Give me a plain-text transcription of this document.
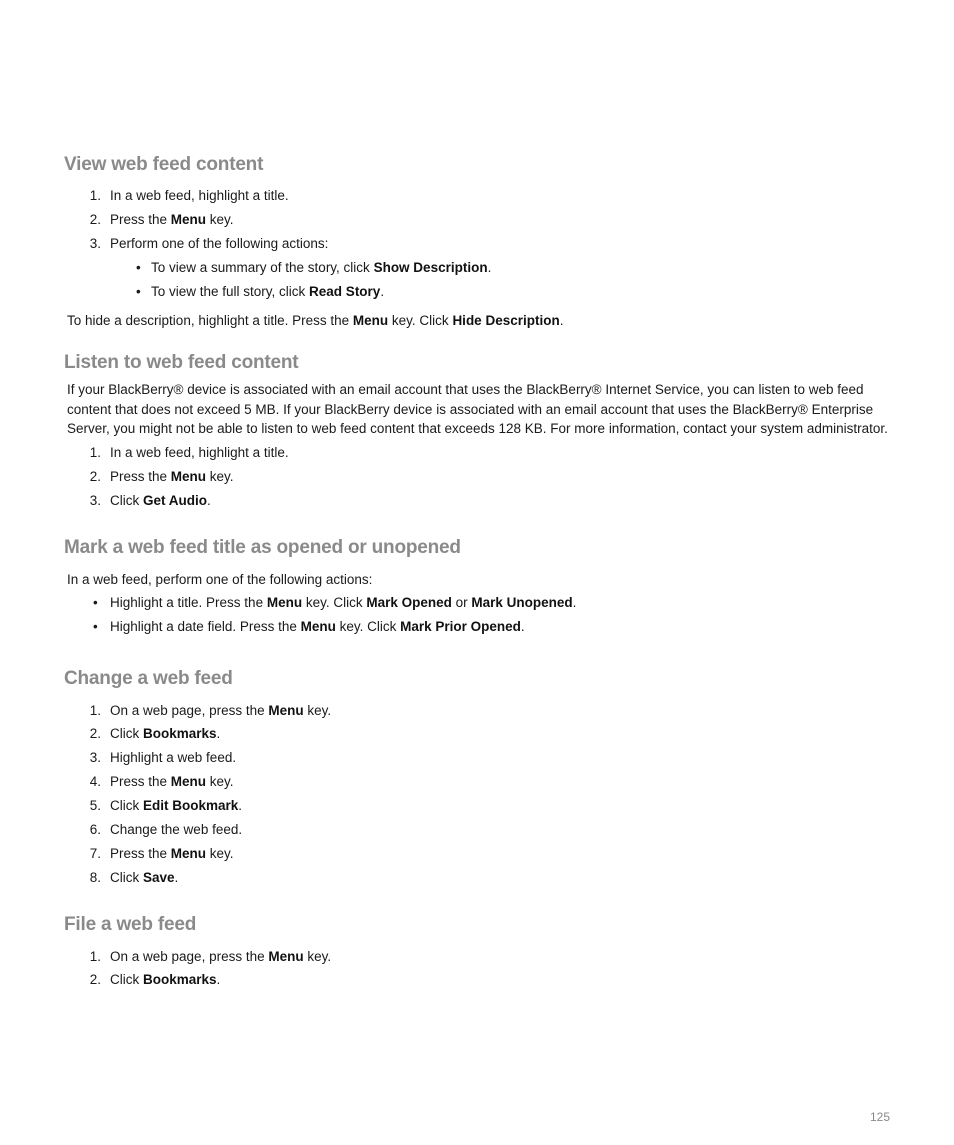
View web feed content
1. In a web feed, highlight a title.
2. Press the Menu key.
3. Perform one of the following actions:
• To view a summary of the story, click Show Description.
• To view the full story, click Read Story.
To hide a description, highlight a title. Press the Menu key. Click Hide Description.
Listen to web feed content
If your BlackBerry® device is associated with an email account that uses the BlackBerry® Internet Service, you can listen to web feed
content that does not exceed 5 MB. If your BlackBerry device is associated with an email account that uses the BlackBerry® Enterprise
Server, you might not be able to listen to web feed content that exceeds 128 KB. For more information, contact your system administrator.
1. In a web feed, highlight a title.
2. Press the Menu key.
3. Click Get Audio.
Mark a web feed title as opened or unopened
In a web feed, perform one of the following actions:
• Highlight a title. Press the Menu key. Click Mark Opened or Mark Unopened.
• Highlight a date field. Press the Menu key. Click Mark Prior Opened.
Change a web feed
1. On a web page, press the Menu key.
2. Click Bookmarks.
3. Highlight a web feed.
4. Press the Menu key.
5. Click Edit Bookmark.
6. Change the web feed.
7. Press the Menu key.
8. Click Save.
File a web feed
1. On a web page, press the Menu key.
2. Click Bookmarks.
125
